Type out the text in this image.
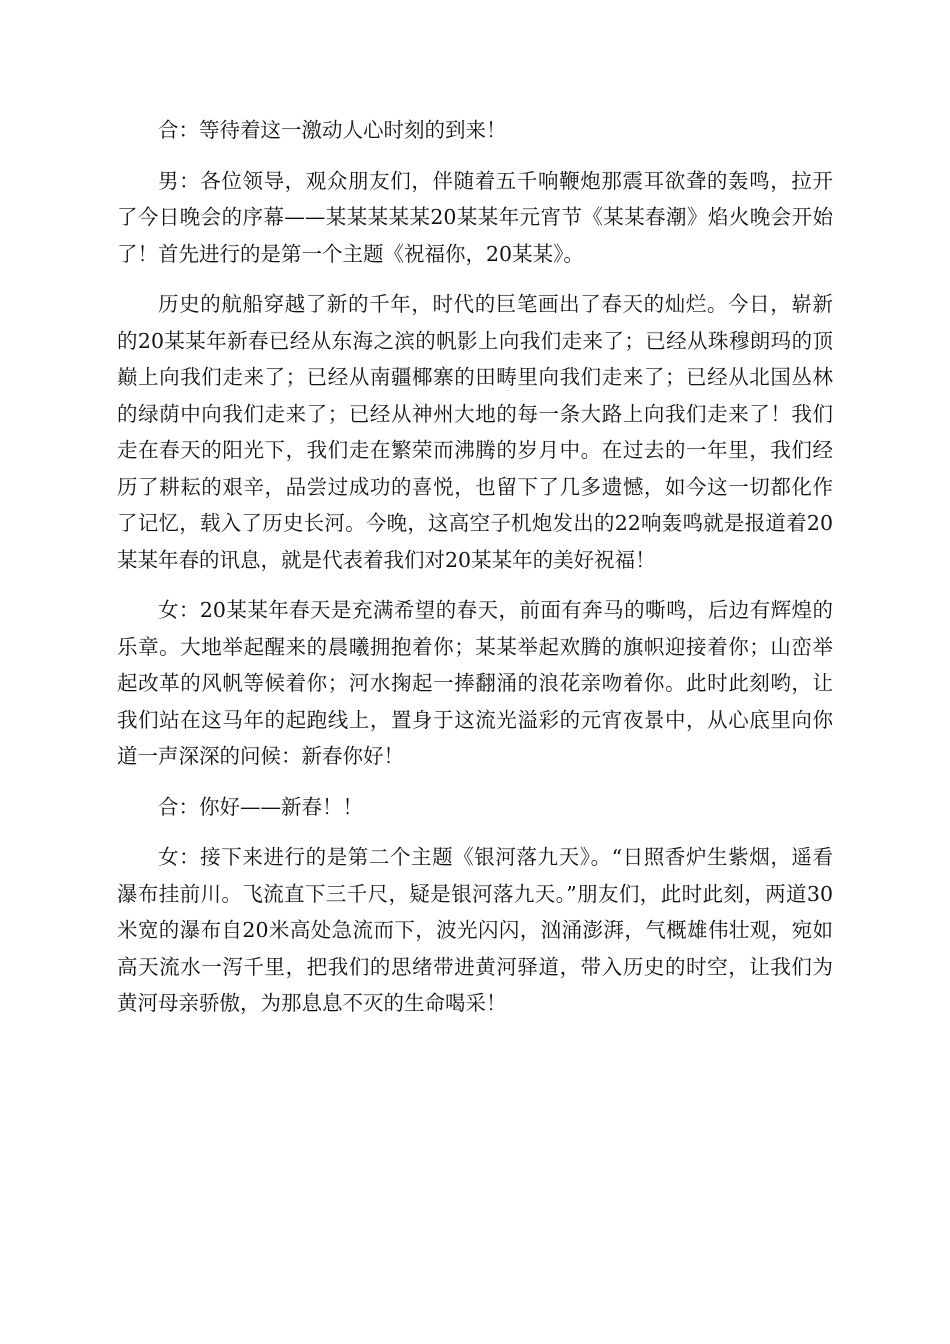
合：等待着这一激动人心时刻的到来！

男：各位领导，观众朋友们，伴随着五千响鞭炮那震耳欲聋的轰鸣，拉开了今日晚会的序幕——某某某某某20某某年元宵节《某某春潮》焰火晚会开始了！首先进行的是第一个主题《祝福你，20某某》。

历史的航船穿越了新的千年，时代的巨笔画出了春天的灿烂。今日，崭新的20某某年新春已经从东海之滨的帆影上向我们走来了；已经从珠穆朗玛的顶巅上向我们走来了；已经从南疆椰寨的田畴里向我们走来了；已经从北国丛林的绿荫中向我们走来了；已经从神州大地的每一条大路上向我们走来了！我们走在春天的阳光下，我们走在繁荣而沸腾的岁月中。在过去的一年里，我们经历了耕耘的艰辛，品尝过成功的喜悦，也留下了几多遗憾，如今这一切都化作了记忆，载入了历史长河。今晚，这高空子机炮发出的22响轰鸣就是报道着20某某年春的讯息，就是代表着我们对20某某年的美好祝福！

女：20某某年春天是充满希望的春天，前面有奔马的嘶鸣，后边有辉煌的乐章。大地举起醒来的晨曦拥抱着你；某某举起欢腾的旗帜迎接着你；山峦举起改革的风帆等候着你；河水掬起一捧翻涌的浪花亲吻着你。此时此刻哟，让我们站在这马年的起跑线上，置身于这流光溢彩的元宵夜景中，从心底里向你道一声深深的问候：新春你好！

合：你好——新春！！

女：接下来进行的是第二个主题《银河落九天》。“日照香炉生紫烟，遥看瀑布挂前川。飞流直下三千尺，疑是银河落九天。”朋友们，此时此刻，两道30米宽的瀑布自20米高处急流而下，波光闪闪，汹涌澎湃，气概雄伟壮观，宛如高天流水一泻千里，把我们的思绪带进黄河驿道，带入历史的时空，让我们为黄河母亲骄傲，为那息息不灭的生命喝采！
